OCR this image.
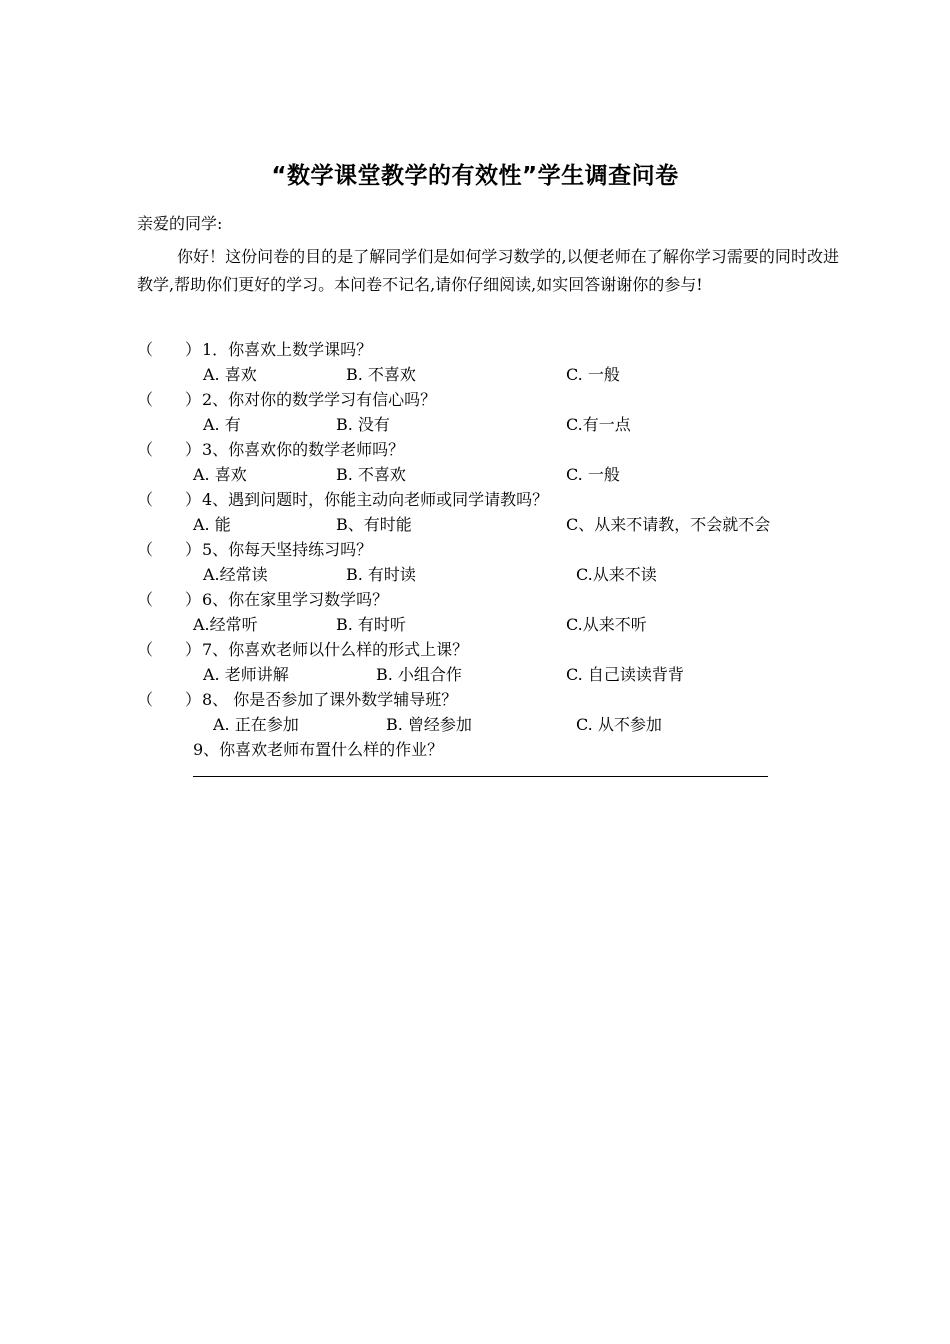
“数学课堂教学的有效性”学生调查问卷
亲爱的同学:
你好！这份问卷的目的是了解同学们是如何学习数学的,以便老师在了解你学习需要的同时改进教学,帮助你们更好的学习。本问卷不记名,请你仔细阅读,如实回答谢谢你的参与!
（　　） 1．你喜欢上数学课吗？
A. 喜欢	B. 不喜欢	C. 一般
（　　） 2、你对你的数学学习有信心吗？
A. 有	B. 没有	C.有一点
（　　） 3、你喜欢你的数学老师吗？
A. 喜欢	B. 不喜欢	C. 一般
（　　） 4、遇到问题时，你能主动向老师或同学请教吗？
A. 能	B、有时能	C、从来不请教，不会就不会
（　　） 5、你每天坚持练习吗？
A.经常读	B. 有时读	C.从来不读
（　　） 6、你在家里学习数学吗？
A.经常听	B. 有时听	C.从来不听
（　　） 7、你喜欢老师以什么样的形式上课？
A. 老师讲解	B. 小组合作	C. 自己读读背背
（　　） 8、 你是否参加了课外数学辅导班？
A. 正在参加	B. 曾经参加	C. 从不参加
9、你喜欢老师布置什么样的作业？
